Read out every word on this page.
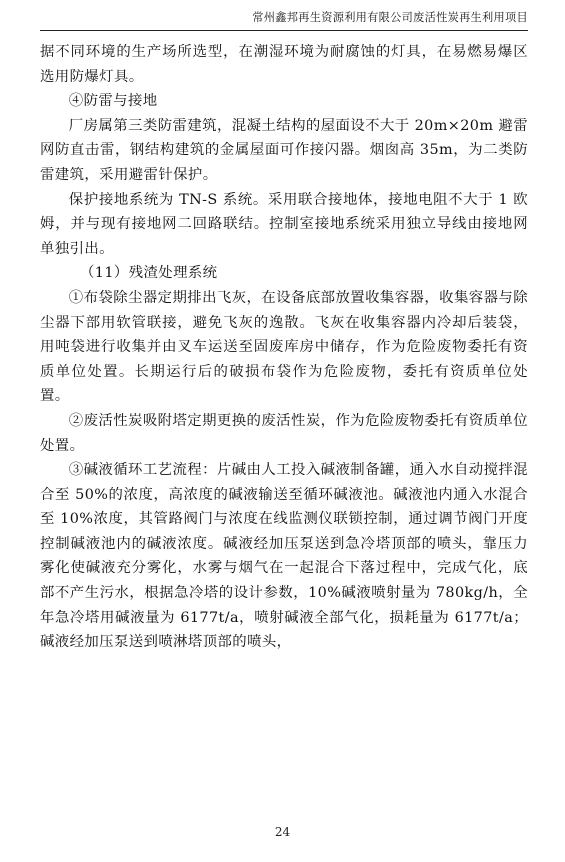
常州鑫邦再生资源利用有限公司废活性炭再生利用项目

据不同环境的生产场所选型，在潮湿环境为耐腐蚀的灯具，在易燃易爆区选用防爆灯具。

④防雷与接地

厂房属第三类防雷建筑，混凝土结构的屋面设不大于 20m×20m 避雷网防直击雷，钢结构建筑的金属屋面可作接闪器。烟囱高 35m，为二类防雷建筑，采用避雷针保护。

保护接地系统为 TN-S 系统。采用联合接地体，接地电阻不大于 1 欧姆，并与现有接地网二回路联结。控制室接地系统采用独立导线由接地网单独引出。

（11）残渣处理系统

①布袋除尘器定期排出飞灰，在设备底部放置收集容器，收集容器与除尘器下部用软管联接，避免飞灰的逸散。飞灰在收集容器内冷却后装袋，用吨袋进行收集并由叉车运送至固废库房中储存，作为危险废物委托有资质单位处置。长期运行后的破损布袋作为危险废物，委托有资质单位处置。

②废活性炭吸附塔定期更换的废活性炭，作为危险废物委托有资质单位处置。

③碱液循环工艺流程：片碱由人工投入碱液制备罐，通入水自动搅拌混合至 50%的浓度，高浓度的碱液输送至循环碱液池。碱液池内通入水混合至 10%浓度，其管路阀门与浓度在线监测仪联锁控制，通过调节阀门开度控制碱液池内的碱液浓度。碱液经加压泵送到急冷塔顶部的喷头，靠压力雾化使碱液充分雾化，水雾与烟气在一起混合下落过程中，完成气化，底部不产生污水，根据急冷塔的设计参数，10%碱液喷射量为 780kg/h，全年急冷塔用碱液量为 6177t/a，喷射碱液全部气化，损耗量为 6177t/a；碱液经加压泵送到喷淋塔顶部的喷头，

24
